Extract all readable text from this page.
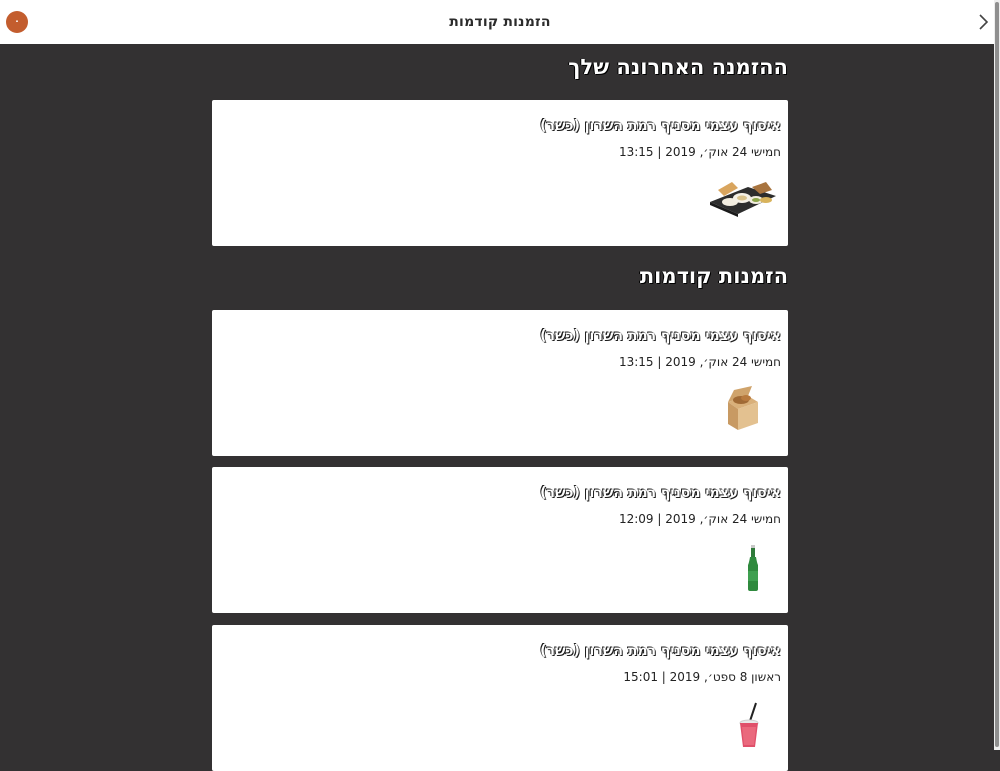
۰	הזמנות קודמות
ההזמנה האחרונה שלך
איסוף עצמי מסניף רמת השרון (כשר)
חמישי 24 אוק׳, 2019 | 13:15
הזמנות קודמות
איסוף עצמי מסניף רמת השרון (כשר)
חמישי 24 אוק׳, 2019 | 13:15
איסוף עצמי מסניף רמת השרון (כשר)
חמישי 24 אוק׳, 2019 | 12:09
איסוף עצמי מסניף רמת השרון (כשר)
ראשון 8 ספט׳, 2019 | 15:01
